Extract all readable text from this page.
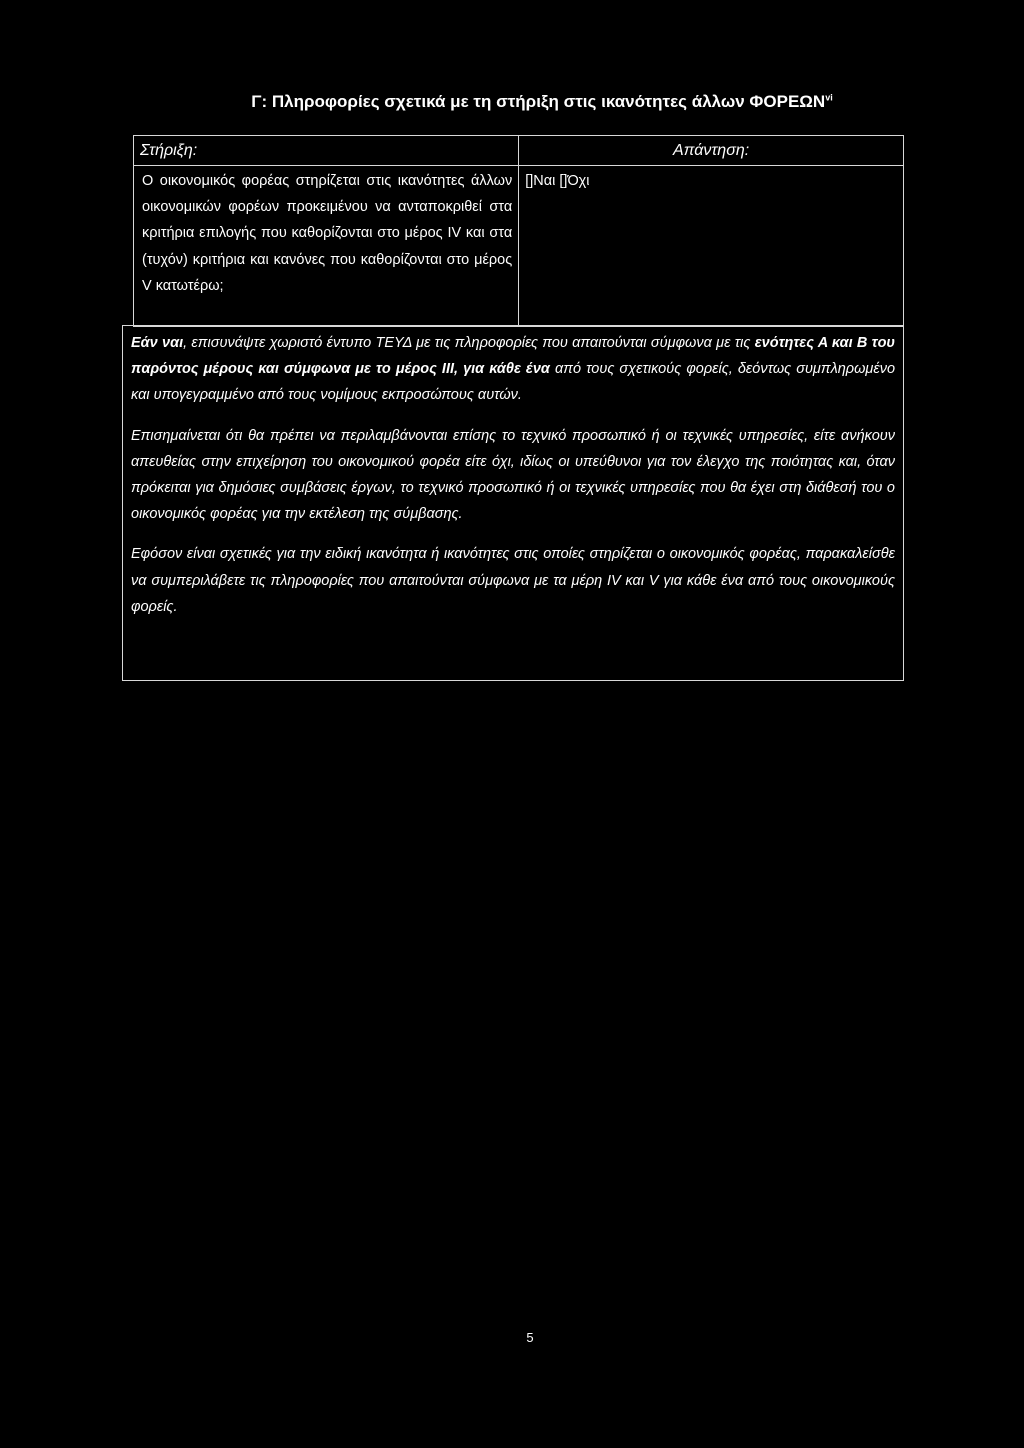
Γ: Πληροφορίες σχετικά με τη στήριξη στις ικανότητες άλλων ΦΟΡΕΩΝ$^{vi}$
Στήριξη:	Απάντηση:
Ο οικονομικός φορέας στηρίζεται στις ικανότητες άλλων οικονομικών φορέων προκειμένου να ανταποκριθεί στα κριτήρια επιλογής που καθορίζονται στο μέρος IV και στα (τυχόν) κριτήρια και κανόνες που καθορίζονται στο μέρος V κατωτέρω;	[]Ναι []Όχι

Εάν ναι, επισυνάψτε χωριστό έντυπο ΤΕΥΔ με τις πληροφορίες που απαιτούνται σύμφωνα με τις ενότητες Α και Β του παρόντος μέρους και σύμφωνα με το μέρος ΙΙΙ, για κάθε ένα από τους σχετικούς φορείς, δεόντως συμπληρωμένο και υπογεγραμμένο από τους νομίμους εκπροσώπους αυτών.

Επισημαίνεται ότι θα πρέπει να περιλαμβάνονται επίσης το τεχνικό προσωπικό ή οι τεχνικές υπηρεσίες, είτε ανήκουν απευθείας στην επιχείρηση του οικονομικού φορέα είτε όχι, ιδίως οι υπεύθυνοι για τον έλεγχο της ποιότητας και, όταν πρόκειται για δημόσιες συμβάσεις έργων, το τεχνικό προσωπικό ή οι τεχνικές υπηρεσίες που θα έχει στη διάθεσή του ο οικονομικός φορέας για την εκτέλεση της σύμβασης.

Εφόσον είναι σχετικές για την ειδική ικανότητα ή ικανότητες στις οποίες στηρίζεται ο οικονομικός φορέας, παρακαλείσθε να συμπεριλάβετε τις πληροφορίες που απαιτούνται σύμφωνα με τα μέρη IV και V για κάθε ένα από τους οικονομικούς φορείς.

5
